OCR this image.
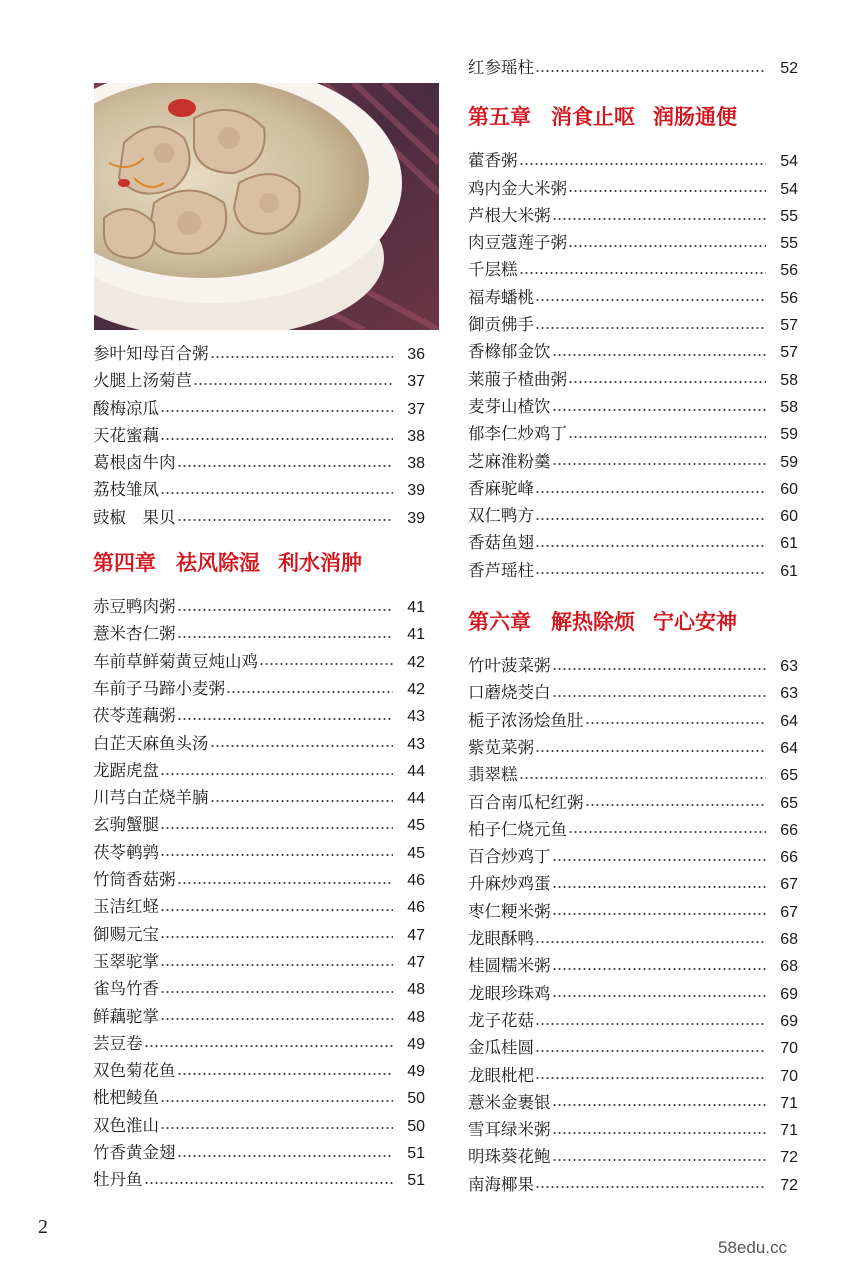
参叶知母百合粥	36
火腿上汤菊苣	37
酸梅凉瓜	37
天花蜜藕	38
葛根卤牛肉	38
荔枝雏凤	39
豉椒　果贝	39
第四章 祛风除湿 利水消肿
赤豆鸭肉粥	41
薏米杏仁粥	41
车前草鲜菊黄豆炖山鸡	42
车前子马蹄小麦粥	42
茯苓莲藕粥	43
白芷天麻鱼头汤	43
龙踞虎盘	44
川芎白芷烧羊腩	44
玄驹蟹腿	45
茯苓鹌鹑	45
竹筒香菇粥	46
玉洁红蛏	46
御赐元宝	47
玉翠驼掌	47
雀鸟竹香	48
鲜藕驼掌	48
芸豆卷	49
双色菊花鱼	49
枇杷鲮鱼	50
双色淮山	50
竹香黄金翅	51
牡丹鱼	51
红参瑶柱	52
第五章 消食止呕 润肠通便
藿香粥	54
鸡内金大米粥	54
芦根大米粥	55
肉豆蔻莲子粥	55
千层糕	56
福寿蟠桃	56
御贡佛手	57
香橼郁金饮	57
莱菔子楂曲粥	58
麦芽山楂饮	58
郁李仁炒鸡丁	59
芝麻淮粉羹	59
香麻驼峰	60
双仁鸭方	60
香菇鱼翅	61
香芦瑶柱	61
第六章 解热除烦 宁心安神
竹叶菠菜粥	63
口蘑烧茭白	63
栀子浓汤烩鱼肚	64
紫苋菜粥	64
翡翠糕	65
百合南瓜杞红粥	65
柏子仁烧元鱼	66
百合炒鸡丁	66
升麻炒鸡蛋	67
枣仁粳米粥	67
龙眼酥鸭	68
桂圆糯米粥	68
龙眼珍珠鸡	69
龙子花菇	69
金瓜桂圆	70
龙眼枇杷	70
薏米金裹银	71
雪耳绿米粥	71
明珠葵花鲍	72
南海椰果	72
2
58edu.cc
